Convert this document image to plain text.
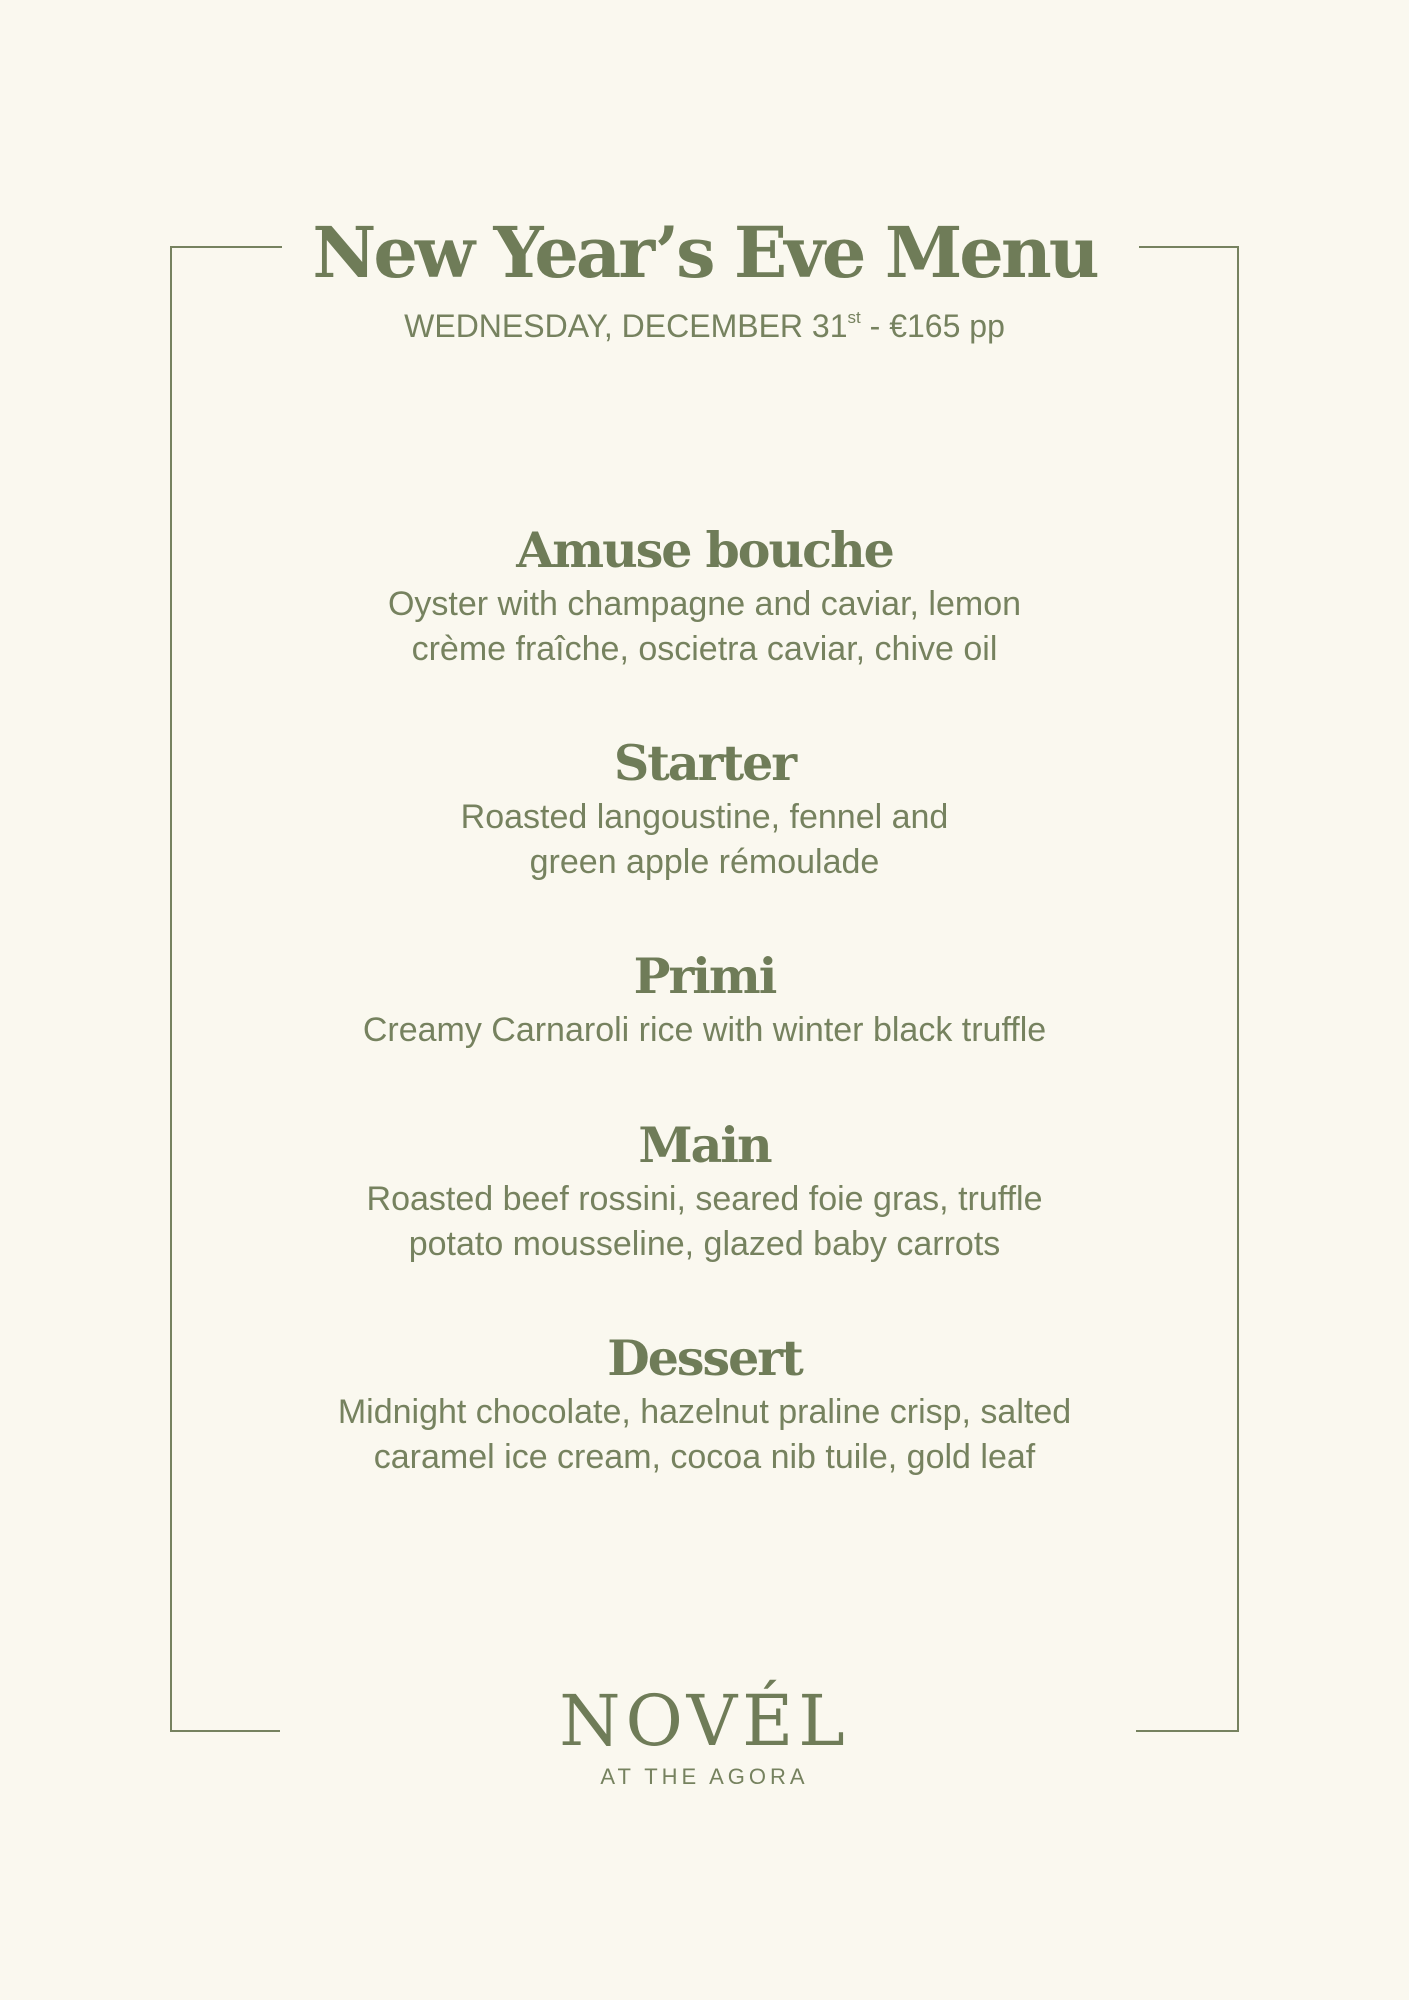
New Year’s Eve Menu

WEDNESDAY, DECEMBER 31st - €165 pp

Amuse bouche

Oyster with champagne and caviar, lemon

crème fraîche, oscietra caviar, chive oil

Starter

Roasted langoustine, fennel and

green apple rémoulade

Primi

Creamy Carnaroli rice with winter black truffle

Main

Roasted beef rossini, seared foie gras, truffle

potato mousseline, glazed baby carrots

Dessert

Midnight chocolate, hazelnut praline crisp, salted

caramel ice cream, cocoa nib tuile, gold leaf

NOVÉL
AT THE AGORA
